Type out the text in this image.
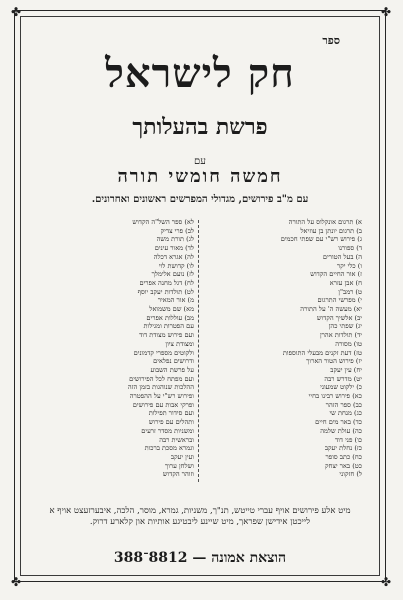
✤	✤
✤	✤
ספר
חק לישראל
פרשת בהעלותך
עם
חמשה חומשי תורה
עם מ"ב פירושים, מגדולי המפרשים ראשונים ואחרונים.
א) תרגום אונקלוס על התורה
ב) תרגום יונתן בן עוזיאל
ג) פירוש רש"י עם שפתי חכמים
ד) ספורנו
ה) בעל הטורים
ו) כלי יקר
ז) אור החיים הקדוש
ח) אבן עזרא
ט) רמב"ן
י) מפרשי התרגום
יא) מעשה ה' על התורה
יב) אלשיך הקדוש
יג) שפתי כהן
יד) תולדות אהרן
טו) מסורה
טז) דעת זקנים מבעלי התוספות
יז) פירוש הטור הארוך
יח) עין יעקב
יט) מדרש רבה
כ) ילקוט שמעוני
כא) פירוש רבינו בחיי
כב) ספר הזהר
כג) מנחת שי
כד) באר מים חיים
כה) עולת שלמה
כו) פני דוד
כז) נחלת יעקב
כח) כתב סופר
כט) באר יצחק
ל) חזקוני
לא) ספר השל"ה הקדוש
לב) פרי צדיק
לג) תורת משה
לד) מאור עינים
לה) אגרא דכלה
לו) קדושת לוי
לז) נועם אלימלך
לח) דגל מחנה אפרים
לט) תולדות יעקב יוסף
מ) אור המאיר
מא) שם משמואל
מב) עוללות אפרים
עם הפטרות ומגילות
ועם פירוש מצודת דוד
ומצודת ציון
ולקוטים מספרי קדמונים
ודרושים נפלאים
על פרשת השבוע
ועם מפתח לכל הפירושים
ההלכות שנוהגות בזמן הזה
ופירוש רש"י על ההפטרה
ופרקי אבות עם פירושים
ועם סידור תפילות
ותהלים עם פירוש
ומשניות מסדר זרעים
ובראשית רבה
וגמרא מסכת ברכות
ועין יעקב
ושלחן ערוך
וזוהר הקדוש
מיט אלע פירושים אויף עברי טייטש, תנ"ך, משניות, גמרא, מוסר, הלכה, איבערזעצט אויף א לייכטן אידישן שפראך, מיט שיינע ליבטיגע אותיות און קלארע דרוק.
הוצאת אמונה — 8812־388
